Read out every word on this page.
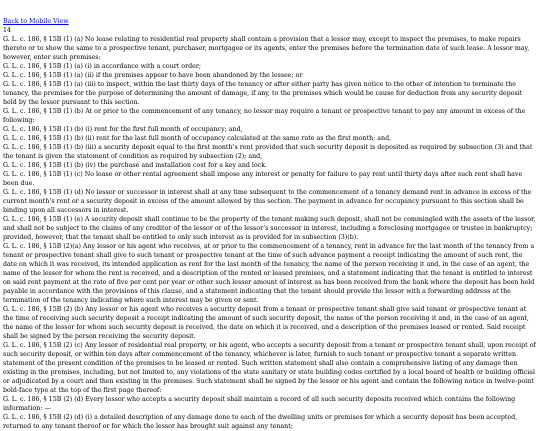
Back to Mobile View
14
G. L. c. 186, § 15B (1) (a) No lease relating to residential real property shall contain a provision that a lessor may, except to inspect the premises, to make repairs thereto or to show the same to a prospective tenant, purchaser, mortgagee or its agents, enter the premises before the termination date of such lease. A lessor may, however, enter such premises:
G. L. c. 186, § 15B (1) (a) (i) in accordance with a court order;
G. L. c. 186, § 15B (1) (a) (ii) if the premises appear to have been abandoned by the lessee; or
G. L. c. 186, § 15B (1) (a) (iii) to inspect, within the last thirty days of the tenancy or after either party has given notice to the other of intention to terminate the tenancy, the premises for the purpose of determining the amount of damage, if any, to the premises which would be cause for deduction from any security deposit held by the lessor pursuant to this section.
G. L. c. 186, § 15B (1) (b) At or prior to the commencement of any tenancy, no lessor may require a tenant or prospective tenant to pay any amount in excess of the following:
G. L. c. 186, § 15B (1) (b) (i) rent for the first full month of occupancy; and,
G. L. c. 186, § 15B (1) (b) (ii) rent for the last full month of occupancy calculated at the same rate as the first month; and,
G. L. c. 186, § 15B (1) (b) (iii) a security deposit equal to the first month’s rent provided that such security deposit is deposited as required by subsection (3) and that the tenant is given the statement of condition as required by subsection (2); and,
G. L. c. 186, § 15B (1) (b) (iv) the purchase and installation cost for a key and lock.
G. L. c. 186, § 15B (1) (c) No lease or other rental agreement shall impose any interest or penalty for failure to pay rent until thirty days after such rent shall have been due.
G. L. c. 186, § 15B (1) (d) No lessor or successor in interest shall at any time subsequent to the commencement of a tenancy demand rent in advance in excess of the current month’s rent or a security deposit in excess of the amount allowed by this section. The payment in advance for occupancy pursuant to this section shall be binding upon all successors in interest.
G. L. c. 186, § 15B (1) (e) A security deposit shall continue to be the property of the tenant making such deposit, shall not be commingled with the assets of the lessor, and shall not be subject to the claims of any creditor of the lessor or of the lessor’s successor in interest, including a foreclosing mortgagee or trustee in bankruptcy; provided, however, that the tenant shall be entitled to only such interest as is provided for in subsection (3)(b).
G. L. c. 186, § 15B (2)(a) Any lessor or his agent who receives, at or prior to the commencement of a tenancy, rent in advance for the last month of the tenancy from a tenant or prospective tenant shall give to such tenant or prospective tenant at the time of such advance payment a receipt indicating the amount of such rent, the date on which it was received, its intended application as rent for the last month of the tenancy, the name of the person receiving it and, in the case of an agent, the name of the lessor for whom the rent is received, and a description of the rented or leased premises, and a statement indicating that the tenant is entitled to interest on said rent payment at the rate of five per cent per year or other such lesser amount of interest as has been received from the bank where the deposit has been held payable in accordance with the provisions of this clause, and a statement indicating that the tenant should provide the lessor with a forwarding address at the termination of the tenancy indicating where such interest may be given or sent.
G. L. c. 186, § 15B (2) (b) Any lessor or his agent who receives a security deposit from a tenant or prospective tenant shall give said tenant or prospective tenant at the time of receiving such security deposit a receipt indicating the amount of such security deposit, the name of the person receiving it and, in the case of an agent, the name of the lessor for whom such security deposit is received, the date on which it is received, and a description of the premises leased or rented. Said receipt shall be signed by the person receiving the security deposit.
G. L. c. 186, § 15B (2) (c) Any lessor of residential real property, or his agent, who accepts a security deposit from a tenant or prospective tenant shall, upon receipt of such security deposit, or within ten days after commencement of the tenancy, whichever is later, furnish to such tenant or prospective tenant a separate written statement of the present condition of the premises to be leased or rented. Such written statement shall also contain a comprehensive listing of any damage then existing in the premises, including, but not limited to, any violations of the state sanitary or state building codes certified by a local board of health or building official or adjudicated by a court and then existing in the premises. Such statement shall be signed by the lessor or his agent and contain the following notice in twelve-point bold-face type at the top of the first page thereof:
G. L. c. 186, § 15B (2) (d) Every lessor who accepts a security deposit shall maintain a record of all such security deposits received which contains the following information: —
G. L. c. 186, § 15B (2) (d) (i) a detailed description of any damage done to each of the dwelling units or premises for which a security deposit has been accepted, returned to any tenant thereof or for which the lessor has brought suit against any tenant;
